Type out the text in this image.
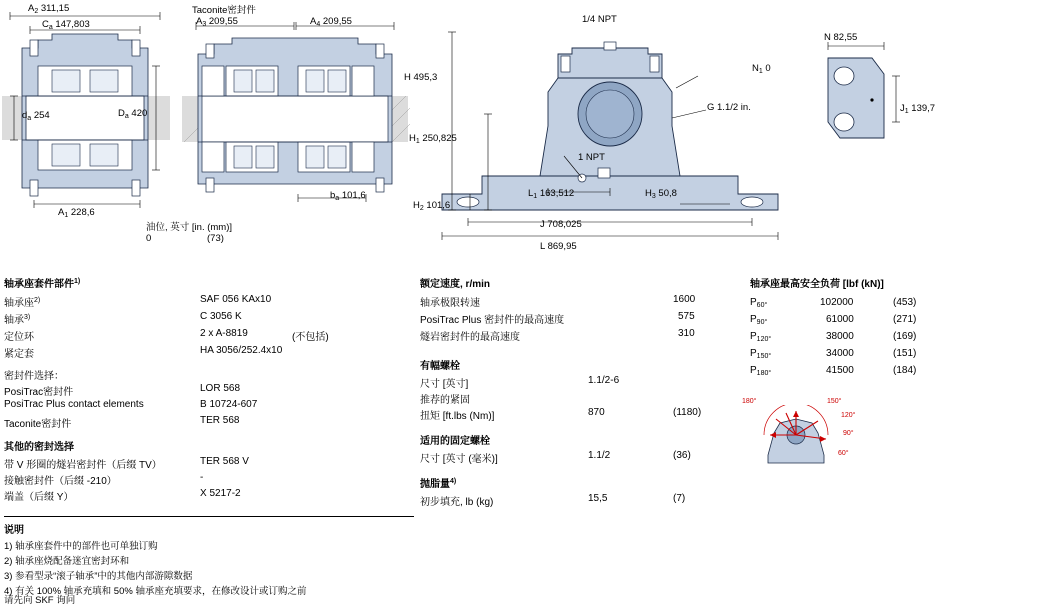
$A_2$ 311,15
$C_a$ 147,803
$d_a$ 254	$D_a$ 420
$A_1$ 228,6
Taconite密封件
$A_3$ 209,55	$A_4$ 209,55
$b_a$ 101,6
油位, 英寸 [in. (mm)]
0	(73)
1/4 NPT
H 495,3
$H_1$ 250,825
$H_2$ 101,6
$H_3$ 50,8
$L_1$ 163,512
J 708,025
L 869,95
1 NPT
G 1.1/2 in.
$N_1$ 0
N 82,55
$J_1$ 139,7
轴承座套件部件$^{1)}$
轴承座$^{2)}$	SAF 056 KAx10
轴承$^{3)}$	C 3056 K
定位环	2 x A-8819	(不包括)
紧定套	HA 3056/252.4x10
密封件选择：
PosiTrac密封件	LOR 568
PosiTrac Plus contact elements	B 10724-607
Taconite密封件	TER 568
其他的密封选择
带 V 形圈的燧岩密封件（后缀 TV）	TER 568 V
接触密封件（后缀 -210）	-
端盖（后缀 Y）	X 5217-2
额定速度, r/min
轴承极限转速	1600
PosiTrac Plus 密封件的最高速度	575
燧岩密封件的最高速度	310
有幅螺栓
尺寸 [英寸]	1.1/2-6
推荐的紧固
扭矩 [ft.lbs (Nm)]	870	(1180)
适用的固定螺栓
尺寸 [英寸 (毫米)]	1.1/2	(36)
抛脂量$^{4)}$
初步填充, lb (kg)	15,5	(7)
轴承座最高安全负荷 [lbf (kN)]
$P_{60^\circ}$	102000	(453)
$P_{90^\circ}$	61000	(271)
$P_{120^\circ}$	38000	(169)
$P_{150^\circ}$	34000	(151)
$P_{180^\circ}$	41500	(184)
180°	150°
120°
90°
60°
说明
1) 轴承座套件中的部件也可单独订购
2) 轴承座烧配备迷宜密封环和
3) 参看型录“滚子轴承”中的其他内部游隙数据
4) 有关 100% 轴承充填和 50% 轴承座充填要求，在修改设计或订购之前
请先向 SKF 询问
